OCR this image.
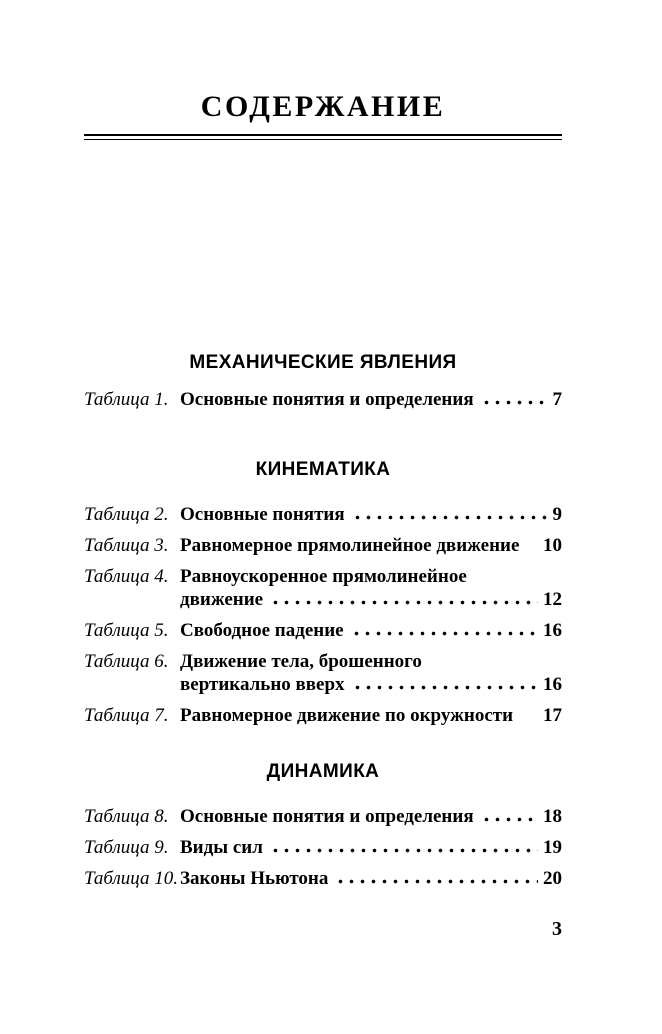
СОДЕРЖАНИЕ
МЕХАНИЧЕСКИЕ ЯВЛЕНИЯ
Таблица 1. Основные понятия и определения	7
КИНЕМАТИКА
Таблица 2. Основные понятия	9
Таблица 3. Равномерное прямолинейное движение 10
Таблица 4. Равноускоренное прямолинейное
движение	12
Таблица 5. Свободное падение	16
Таблица 6. Движение тела, брошенного
вертикально вверх	16
Таблица 7. Равномерное движение по окружности 17
ДИНАМИКА
Таблица 8. Основные понятия и определения	18
Таблица 9. Виды сил	19
Таблица 10. Законы Ньютона	20
3
